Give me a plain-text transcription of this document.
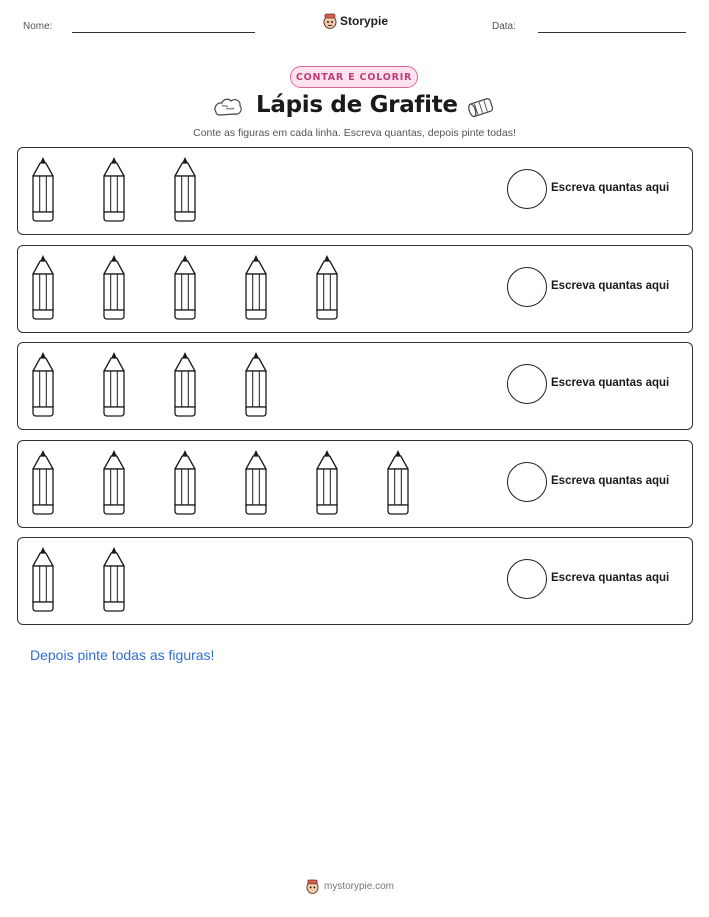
Nome:	Storypie	Data:
CONTAR E COLORIR
Lápis de Grafite
Conte as figuras em cada linha. Escreva quantas, depois pinte todas!
Escreva quantas aqui
Escreva quantas aqui
Escreva quantas aqui
Escreva quantas aqui
Escreva quantas aqui
Depois pinte todas as figuras!
mystorypie.com
